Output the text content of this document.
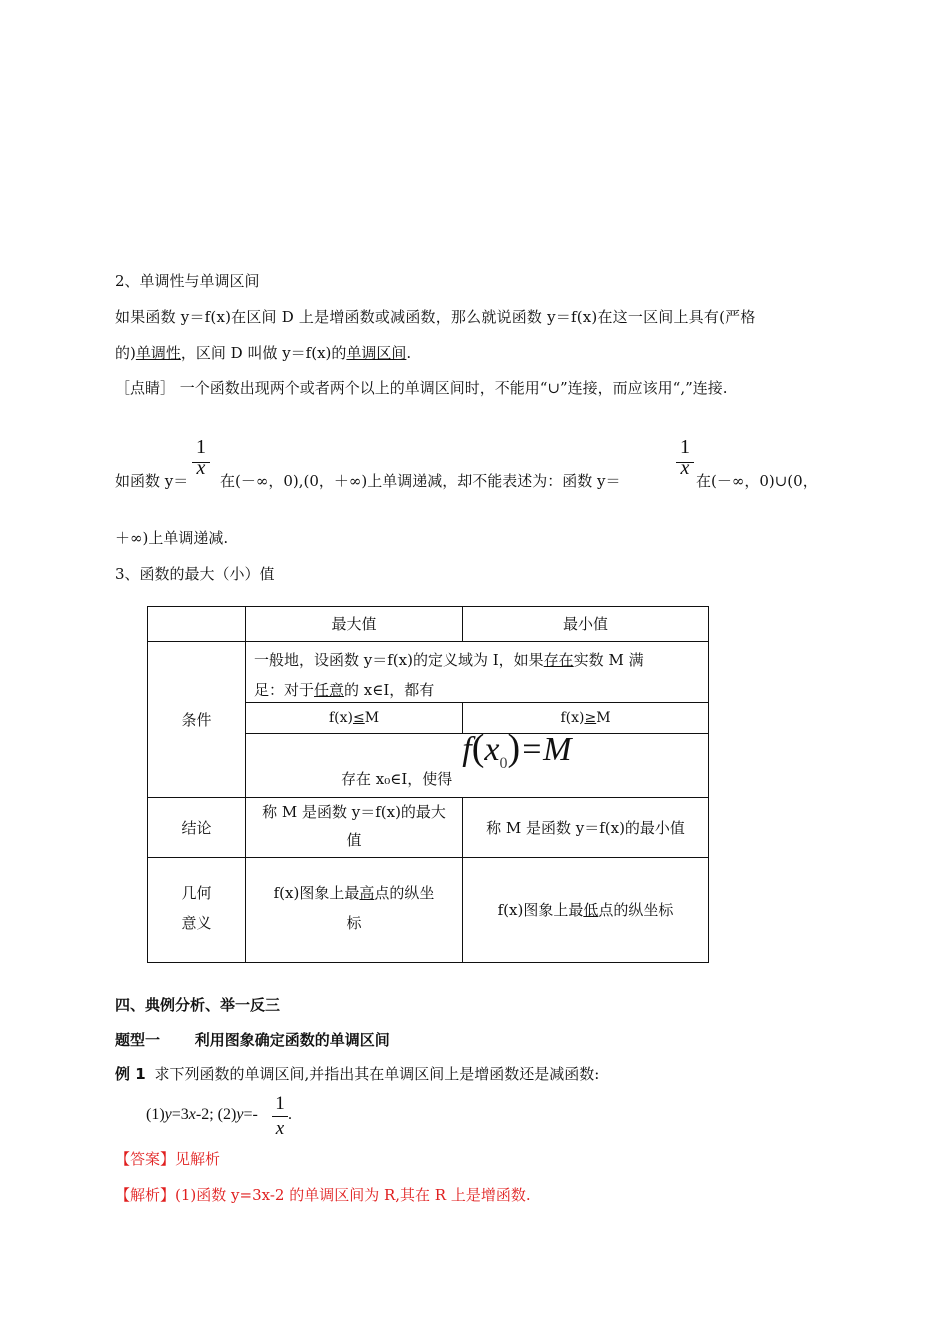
2、单调性与单调区间
如果函数 y＝f(x)在区间 D 上是增函数或减函数，那么就说函数 y＝f(x)在这一区间上具有(严格
的)单调性，区间 D 叫做 y＝f(x)的单调区间.
［点睛］ 一个函数出现两个或者两个以上的单调区间时，不能用“∪”连接，而应该用“,”连接.
如函数 y＝
1
x
在(－∞，0),(0，＋∞)上单调递减，却不能表述为：函数 y＝
1
x
在(－∞，0)∪(0，
＋∞)上单调递减.
3、函数的最大（小）值
最大值	最小值
条件
一般地，设函数 y＝f(x)的定义域为 I，如果存在实数 M 满
足：对于任意的 x∈I，都有
f(x)≤M	f(x)≥M
存在 x₀∈I，使得
$f(x_0)=M$
结论
称 M 是函数 y＝f(x)的最大
值
称 M 是函数 y＝f(x)的最小值
几何
意义
f(x)图象上最高点的纵坐
标
f(x)图象上最低点的纵坐标
四、典例分析、举一反三
题型一 利用图象确定函数的单调区间
例 1 求下列函数的单调区间,并指出其在单调区间上是增函数还是减函数:
(1)y=3x-2; (2)y=-
1
x
.
【答案】见解析
【解析】(1)函数 y=3x-2 的单调区间为 R,其在 R 上是增函数.
